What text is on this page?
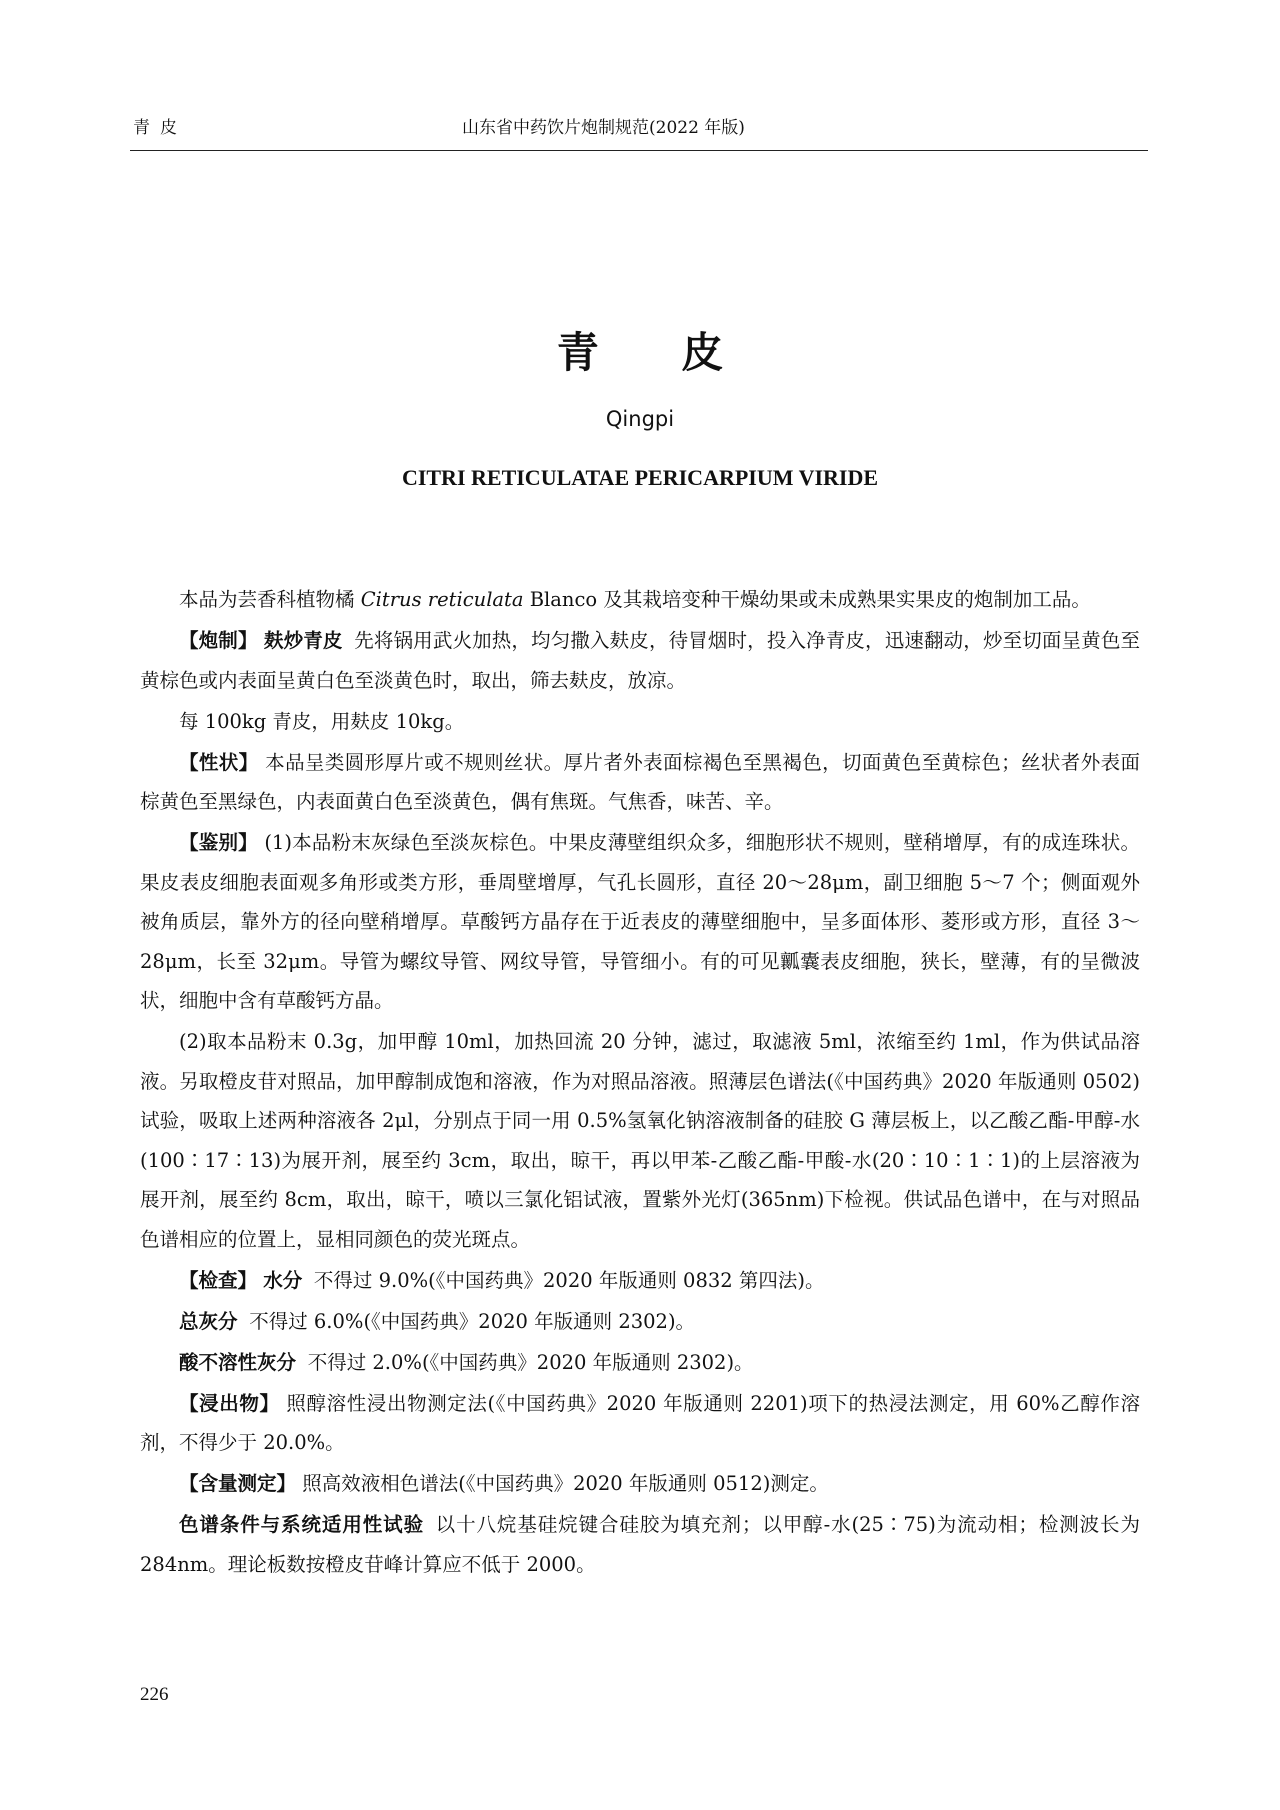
青皮	山东省中药饮片炮制规范(2022 年版)
青 皮
Qingpi
CITRI RETICULATAE PERICARPIUM VIRIDE

本品为芸香科植物橘 Citrus reticulata Blanco 及其栽培变种干燥幼果或未成熟果实果皮的炮制加工品。

【炮制】 麸炒青皮 先将锅用武火加热，均匀撒入麸皮，待冒烟时，投入净青皮，迅速翻动，炒至切面呈黄色至黄棕色或内表面呈黄白色至淡黄色时，取出，筛去麸皮，放凉。

每 100kg 青皮，用麸皮 10kg。

【性状】 本品呈类圆形厚片或不规则丝状。厚片者外表面棕褐色至黑褐色，切面黄色至黄棕色；丝状者外表面棕黄色至黑绿色，内表面黄白色至淡黄色，偶有焦斑。气焦香，味苦、辛。

【鉴别】 (1)本品粉末灰绿色至淡灰棕色。中果皮薄壁组织众多，细胞形状不规则，壁稍增厚，有的成连珠状。果皮表皮细胞表面观多角形或类方形，垂周壁增厚，气孔长圆形，直径 20～28μm，副卫细胞 5～7 个；侧面观外被角质层，靠外方的径向壁稍增厚。草酸钙方晶存在于近表皮的薄壁细胞中，呈多面体形、菱形或方形，直径 3～28μm，长至 32μm。导管为螺纹导管、网纹导管，导管细小。有的可见瓤囊表皮细胞，狭长，壁薄，有的呈微波状，细胞中含有草酸钙方晶。

(2)取本品粉末 0.3g，加甲醇 10ml，加热回流 20 分钟，滤过，取滤液 5ml，浓缩至约 1ml，作为供试品溶液。另取橙皮苷对照品，加甲醇制成饱和溶液，作为对照品溶液。照薄层色谱法(《中国药典》2020 年版通则 0502)试验，吸取上述两种溶液各 2μl，分别点于同一用 0.5%氢氧化钠溶液制备的硅胶 G 薄层板上，以乙酸乙酯-甲醇-水(100∶17∶13)为展开剂，展至约 3cm，取出，晾干，再以甲苯-乙酸乙酯-甲酸-水(20∶10∶1∶1)的上层溶液为展开剂，展至约 8cm，取出，晾干，喷以三氯化铝试液，置紫外光灯(365nm)下检视。供试品色谱中，在与对照品色谱相应的位置上，显相同颜色的荧光斑点。

【检查】 水分 不得过 9.0%(《中国药典》2020 年版通则 0832 第四法)。

总灰分 不得过 6.0%(《中国药典》2020 年版通则 2302)。

酸不溶性灰分 不得过 2.0%(《中国药典》2020 年版通则 2302)。

【浸出物】 照醇溶性浸出物测定法(《中国药典》2020 年版通则 2201)项下的热浸法测定，用 60%乙醇作溶剂，不得少于 20.0%。

【含量测定】 照高效液相色谱法(《中国药典》2020 年版通则 0512)测定。

色谱条件与系统适用性试验 以十八烷基硅烷键合硅胶为填充剂；以甲醇-水(25∶75)为流动相；检测波长为 284nm。理论板数按橙皮苷峰计算应不低于 2000。

226
